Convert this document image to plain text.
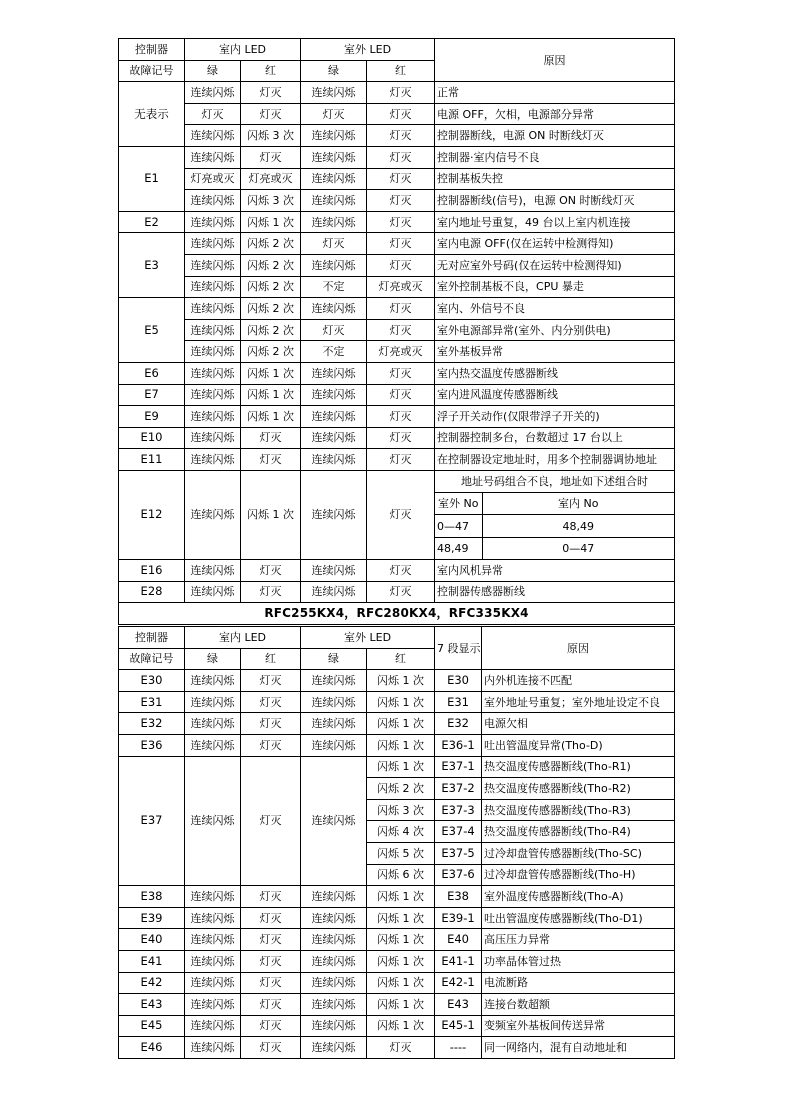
控制器	室内 LED	室外 LED	原因
故障记号	绿	红	绿	红
无表示	连续闪烁	灯灭	连续闪烁	灯灭	正常
灯灭	灯灭	灯灭	灯灭	电源 OFF，欠相，电源部分异常
连续闪烁	闪烁 3 次	连续闪烁	灯灭	控制器断线，电源 ON 时断线灯灭
E1	连续闪烁	灯灭	连续闪烁	灯灭	控制器·室内信号不良
灯亮或灭	灯亮或灭	连续闪烁	灯灭	控制基板失控
连续闪烁	闪烁 3 次	连续闪烁	灯灭	控制器断线(信号)，电源 ON 时断线灯灭
E2	连续闪烁	闪烁 1 次	连续闪烁	灯灭	室内地址号重复，49 台以上室内机连接
E3	连续闪烁	闪烁 2 次	灯灭	灯灭	室内电源 OFF(仅在运转中检测得知)
连续闪烁	闪烁 2 次	连续闪烁	灯灭	无对应室外号码(仅在运转中检测得知)
连续闪烁	闪烁 2 次	不定	灯亮或灭	室外控制基板不良，CPU 暴走
E5	连续闪烁	闪烁 2 次	连续闪烁	灯灭	室内、外信号不良
连续闪烁	闪烁 2 次	灯灭	灯灭	室外电源部异常(室外、内分别供电)
连续闪烁	闪烁 2 次	不定	灯亮或灭	室外基板异常
E6	连续闪烁	闪烁 1 次	连续闪烁	灯灭	室内热交温度传感器断线
E7	连续闪烁	闪烁 1 次	连续闪烁	灯灭	室内进风温度传感器断线
E9	连续闪烁	闪烁 1 次	连续闪烁	灯灭	浮子开关动作(仅限带浮子开关的)
E10	连续闪烁	灯灭	连续闪烁	灯灭	控制器控制多台，台数超过 17 台以上
E11	连续闪烁	灯灭	连续闪烁	灯灭	在控制器设定地址时，用多个控制器调协地址
E12	连续闪烁	闪烁 1 次	连续闪烁	灯灭	
地址号码组合不良，地址如下述组合时
室外 No	室内 No
0—47	48,49
48,49	0—47

E16	连续闪烁	灯灭	连续闪烁	灯灭	室内风机异常
E28	连续闪烁	灯灭	连续闪烁	灯灭	控制器传感器断线
RFC255KX4，RFC280KX4，RFC335KX4
控制器	室内 LED		室外 LED		7 段显示	原因
故障记号	绿	红	绿	红		
E30	连续闪烁	灯灭	连续闪烁	闪烁 1 次	E30	内外机连接不匹配
E31	连续闪烁	灯灭	连续闪烁	闪烁 1 次	E31	室外地址号重复；室外地址设定不良
E32	连续闪烁	灯灭	连续闪烁	闪烁 1 次	E32	电源欠相
E36	连续闪烁	灯灭	连续闪烁	闪烁 1 次	E36-1	吐出管温度异常(Tho-D)
E37	连续闪烁	灯灭	连续闪烁	闪烁 1 次	E37-1	热交温度传感器断线(Tho-R1)
				闪烁 2 次	E37-2	热交温度传感器断线(Tho-R2)
				闪烁 3 次	E37-3	热交温度传感器断线(Tho-R3)
				闪烁 4 次	E37-4	热交温度传感器断线(Tho-R4)
				闪烁 5 次	E37-5	过冷却盘管传感器断线(Tho-SC)
				闪烁 6 次	E37-6	过冷却盘管传感器断线(Tho-H)
E38	连续闪烁	灯灭	连续闪烁	闪烁 1 次	E38	室外温度传感器断线(Tho-A)
E39	连续闪烁	灯灭	连续闪烁	闪烁 1 次	E39-1	吐出管温度传感器断线(Tho-D1)
E40	连续闪烁	灯灭	连续闪烁	闪烁 1 次	E40	高压压力异常
E41	连续闪烁	灯灭	连续闪烁	闪烁 1 次	E41-1	功率晶体管过热
E42	连续闪烁	灯灭	连续闪烁	闪烁 1 次	E42-1	电流断路
E43	连续闪烁	灯灭	连续闪烁	闪烁 1 次	E43	连接台数超额
E45	连续闪烁	灯灭	连续闪烁	闪烁 1 次	E45-1	变频室外基板间传送异常
E46	连续闪烁	灯灭	连续闪烁	灯灭	----	同一网络内，混有自动地址和
